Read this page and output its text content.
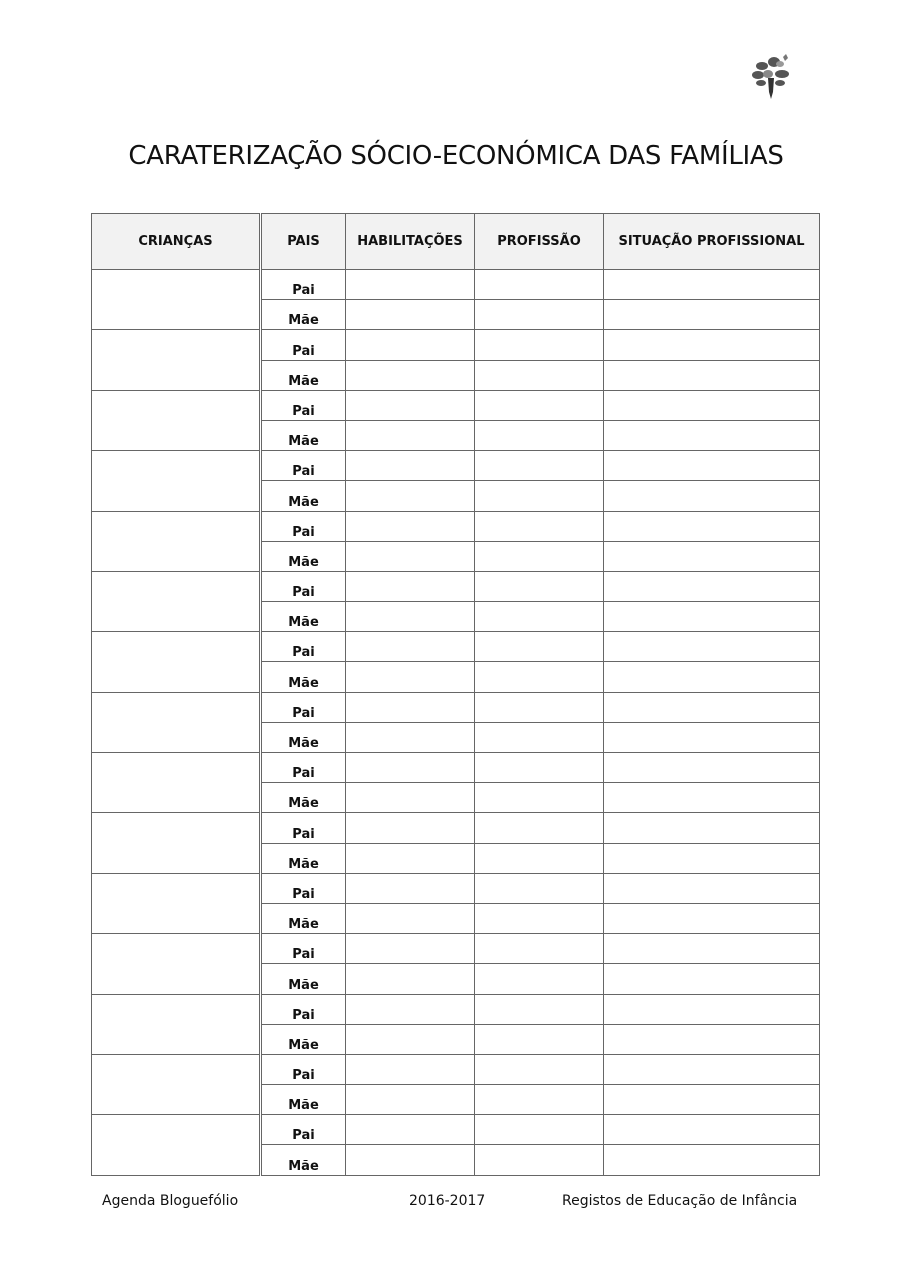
CARATERIZAÇÃO SÓCIO-ECONÓMICA DAS FAMÍLIAS
CRIANÇAS		PAIS	HABILITAÇÕES	PROFISSÃO	SITUAÇÃO PROFISSIONAL
		Pai			
		Mãe			
		Pai			
		Mãe			
		Pai			
		Mãe			
		Pai			
		Mãe			
		Pai			
		Mãe			
		Pai			
		Mãe			
		Pai			
		Mãe			
		Pai			
		Mãe			
		Pai			
		Mãe			
		Pai			
		Mãe			
		Pai			
		Mãe			
		Pai			
		Mãe			
		Pai			
		Mãe			
		Pai			
		Mãe			
		Pai			
		Mãe			
Agenda Bloguefólio	2016-2017	Registos de Educação de Infância
